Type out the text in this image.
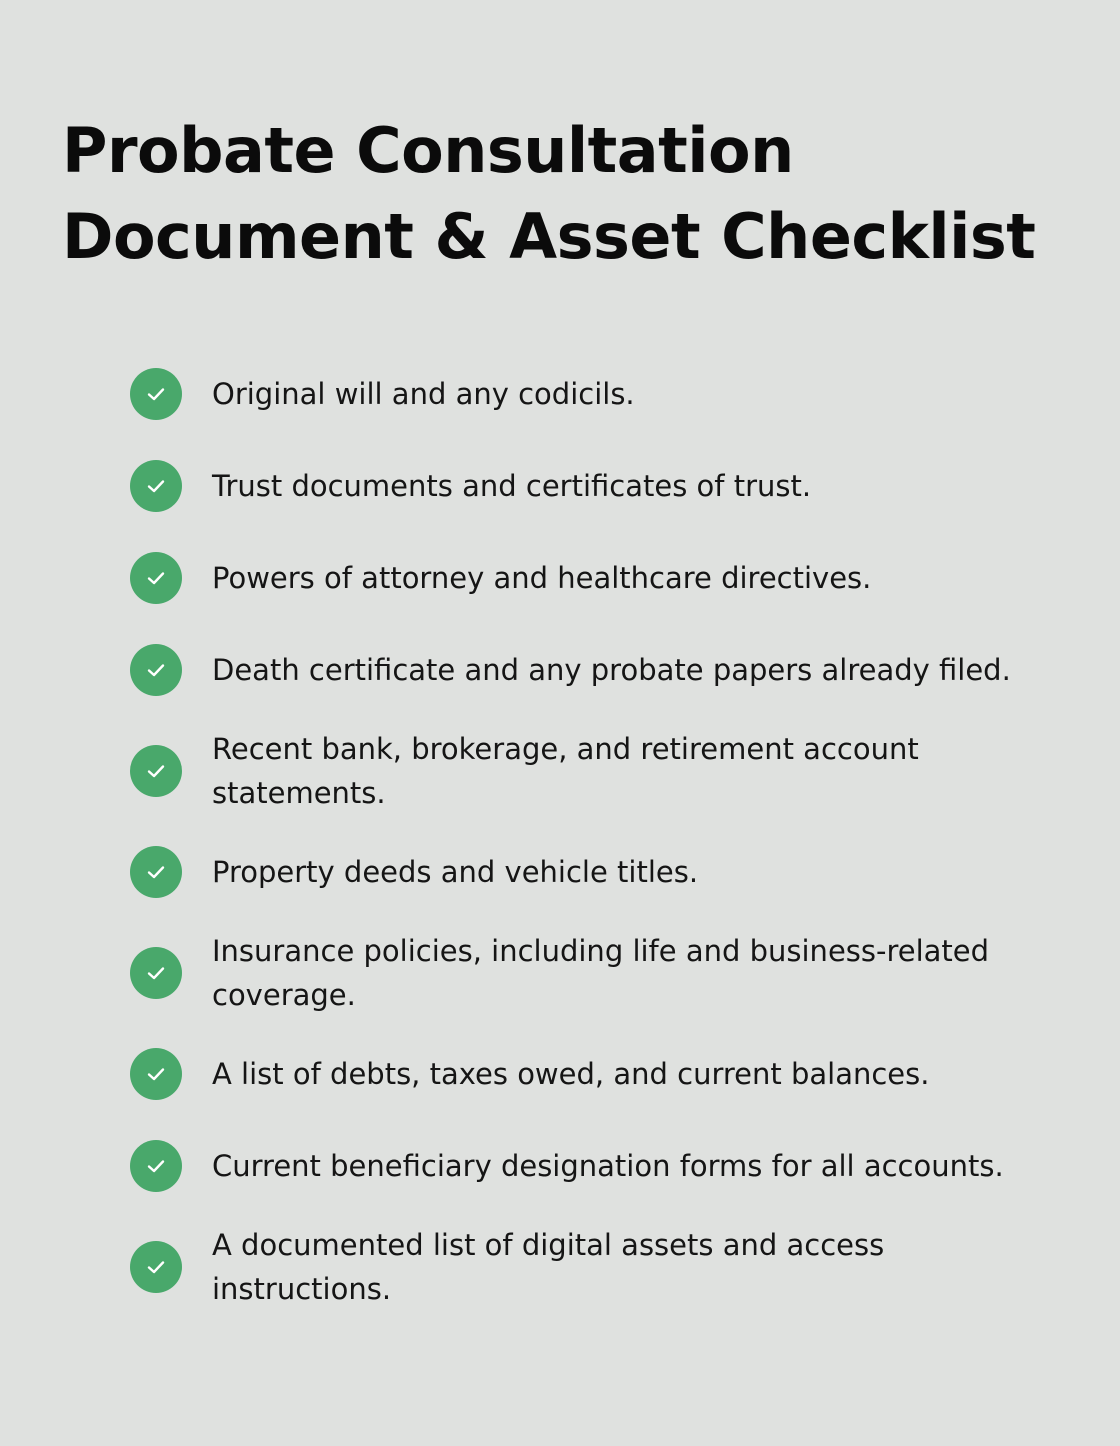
Probate Consultation
Document & Asset Checklist
Original will and any codicils.
Trust documents and certificates of trust.
Powers of attorney and healthcare directives.
Death certificate and any probate papers already filed.
Recent bank, brokerage, and retirement account statements.
Property deeds and vehicle titles.
Insurance policies, including life and business-related coverage.
A list of debts, taxes owed, and current balances.
Current beneficiary designation forms for all accounts.
A documented list of digital assets and access instructions.
